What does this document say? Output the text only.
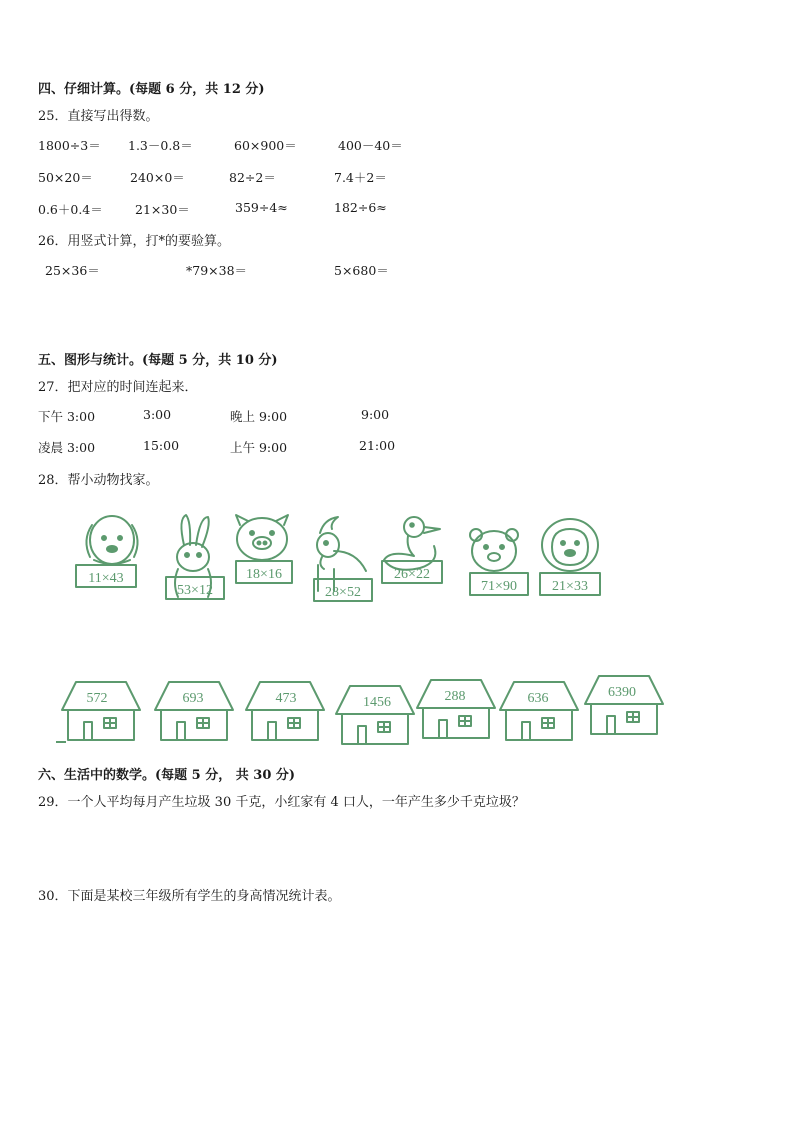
四、仔细计算。(每题 6 分，共 12 分)
25．直接写出得数。
1800÷3＝ 1.3－0.8＝	60×900＝	400－40＝
50×20＝	240×0＝	82÷2＝	7.4＋2＝
0.6＋0.4＝	21×30＝	359÷4≈	182÷6≈
26．用竖式计算，打*的要验算。
25×36＝	*79×38＝	5×680＝
五、图形与统计。(每题 5 分，共 10 分)
27．把对应的时间连起来．
下午 3:00	3:00	晚上 9:00	9:00
凌晨 3:00	15:00	上午 9:00	21:00
28．帮小动物找家。
11×43
53×12
18×16
28×52
26×22
71×90	21×33
572	693	473	1456	288	636	6390
六、生活中的数学。(每题 5 分， 共 30 分)
29．一个人平均每月产生垃圾 30 千克，小红家有 4 口人，一年产生多少千克垃圾？
30．下面是某校三年级所有学生的身高情况统计表。
